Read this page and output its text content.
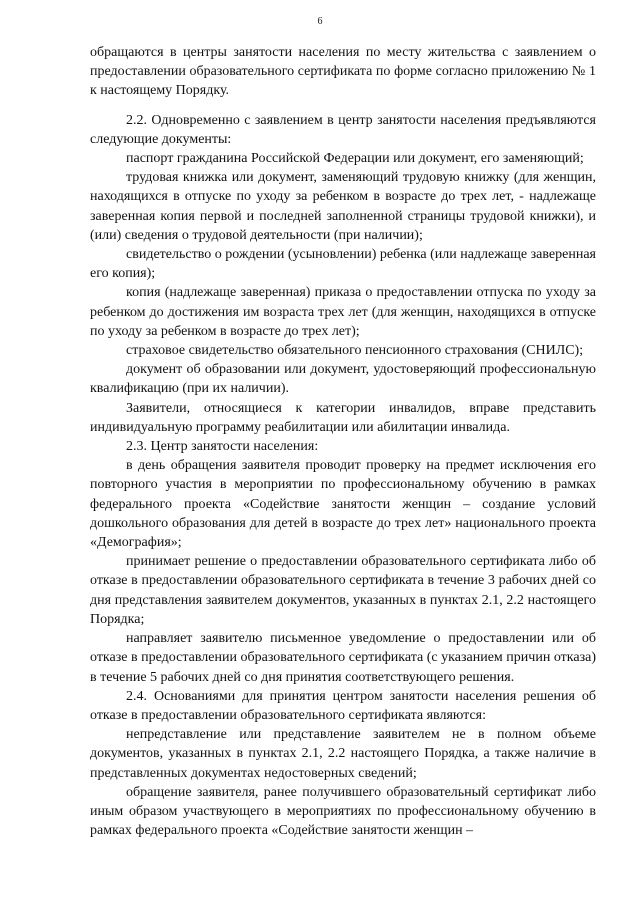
6

обращаются в центры занятости населения по месту жительства с заявлением о предоставлении образовательного сертификата по форме согласно приложению № 1 к настоящему Порядку.

2.2. Одновременно с заявлением в центр занятости населения предъявляются следующие документы:

паспорт гражданина Российской Федерации или документ, его заменяющий;

трудовая книжка или документ, заменяющий трудовую книжку (для женщин, находящихся в отпуске по уходу за ребенком в возрасте до трех лет, - надлежаще заверенная копия первой и последней заполненной страницы трудовой книжки), и (или) сведения о трудовой деятельности (при наличии);

свидетельство о рождении (усыновлении) ребенка (или надлежаще заверенная его копия);

копия (надлежаще заверенная) приказа о предоставлении отпуска по уходу за ребенком до достижения им возраста трех лет (для женщин, находящихся в отпуске по уходу за ребенком в возрасте до трех лет);

страховое свидетельство обязательного пенсионного страхования (СНИЛС);

документ об образовании или документ, удостоверяющий профессиональную квалификацию (при их наличии).

Заявители, относящиеся к категории инвалидов, вправе представить индивидуальную программу реабилитации или абилитации инвалида.

2.3. Центр занятости населения:

в день обращения заявителя проводит проверку на предмет исключения его повторного участия в мероприятии по профессиональному обучению в рамках федерального проекта «Содействие занятости женщин – создание условий дошкольного образования для детей в возрасте до трех лет» национального проекта «Демография»;

принимает решение о предоставлении образовательного сертификата либо об отказе в предоставлении образовательного сертификата в течение 3 рабочих дней со дня представления заявителем документов, указанных в пунктах 2.1, 2.2 настоящего Порядка;

направляет заявителю письменное уведомление о предоставлении или об отказе в предоставлении образовательного сертификата (с указанием причин отказа) в течение 5 рабочих дней со дня принятия соответствующего решения.

2.4. Основаниями для принятия центром занятости населения решения об отказе в предоставлении образовательного сертификата являются:

непредставление или представление заявителем не в полном объеме документов, указанных в пунктах 2.1, 2.2 настоящего Порядка, а также наличие в представленных документах недостоверных сведений;

обращение заявителя, ранее получившего образовательный сертификат либо иным образом участвующего в мероприятиях по профессиональному обучению в рамках федерального проекта «Содействие занятости женщин –
